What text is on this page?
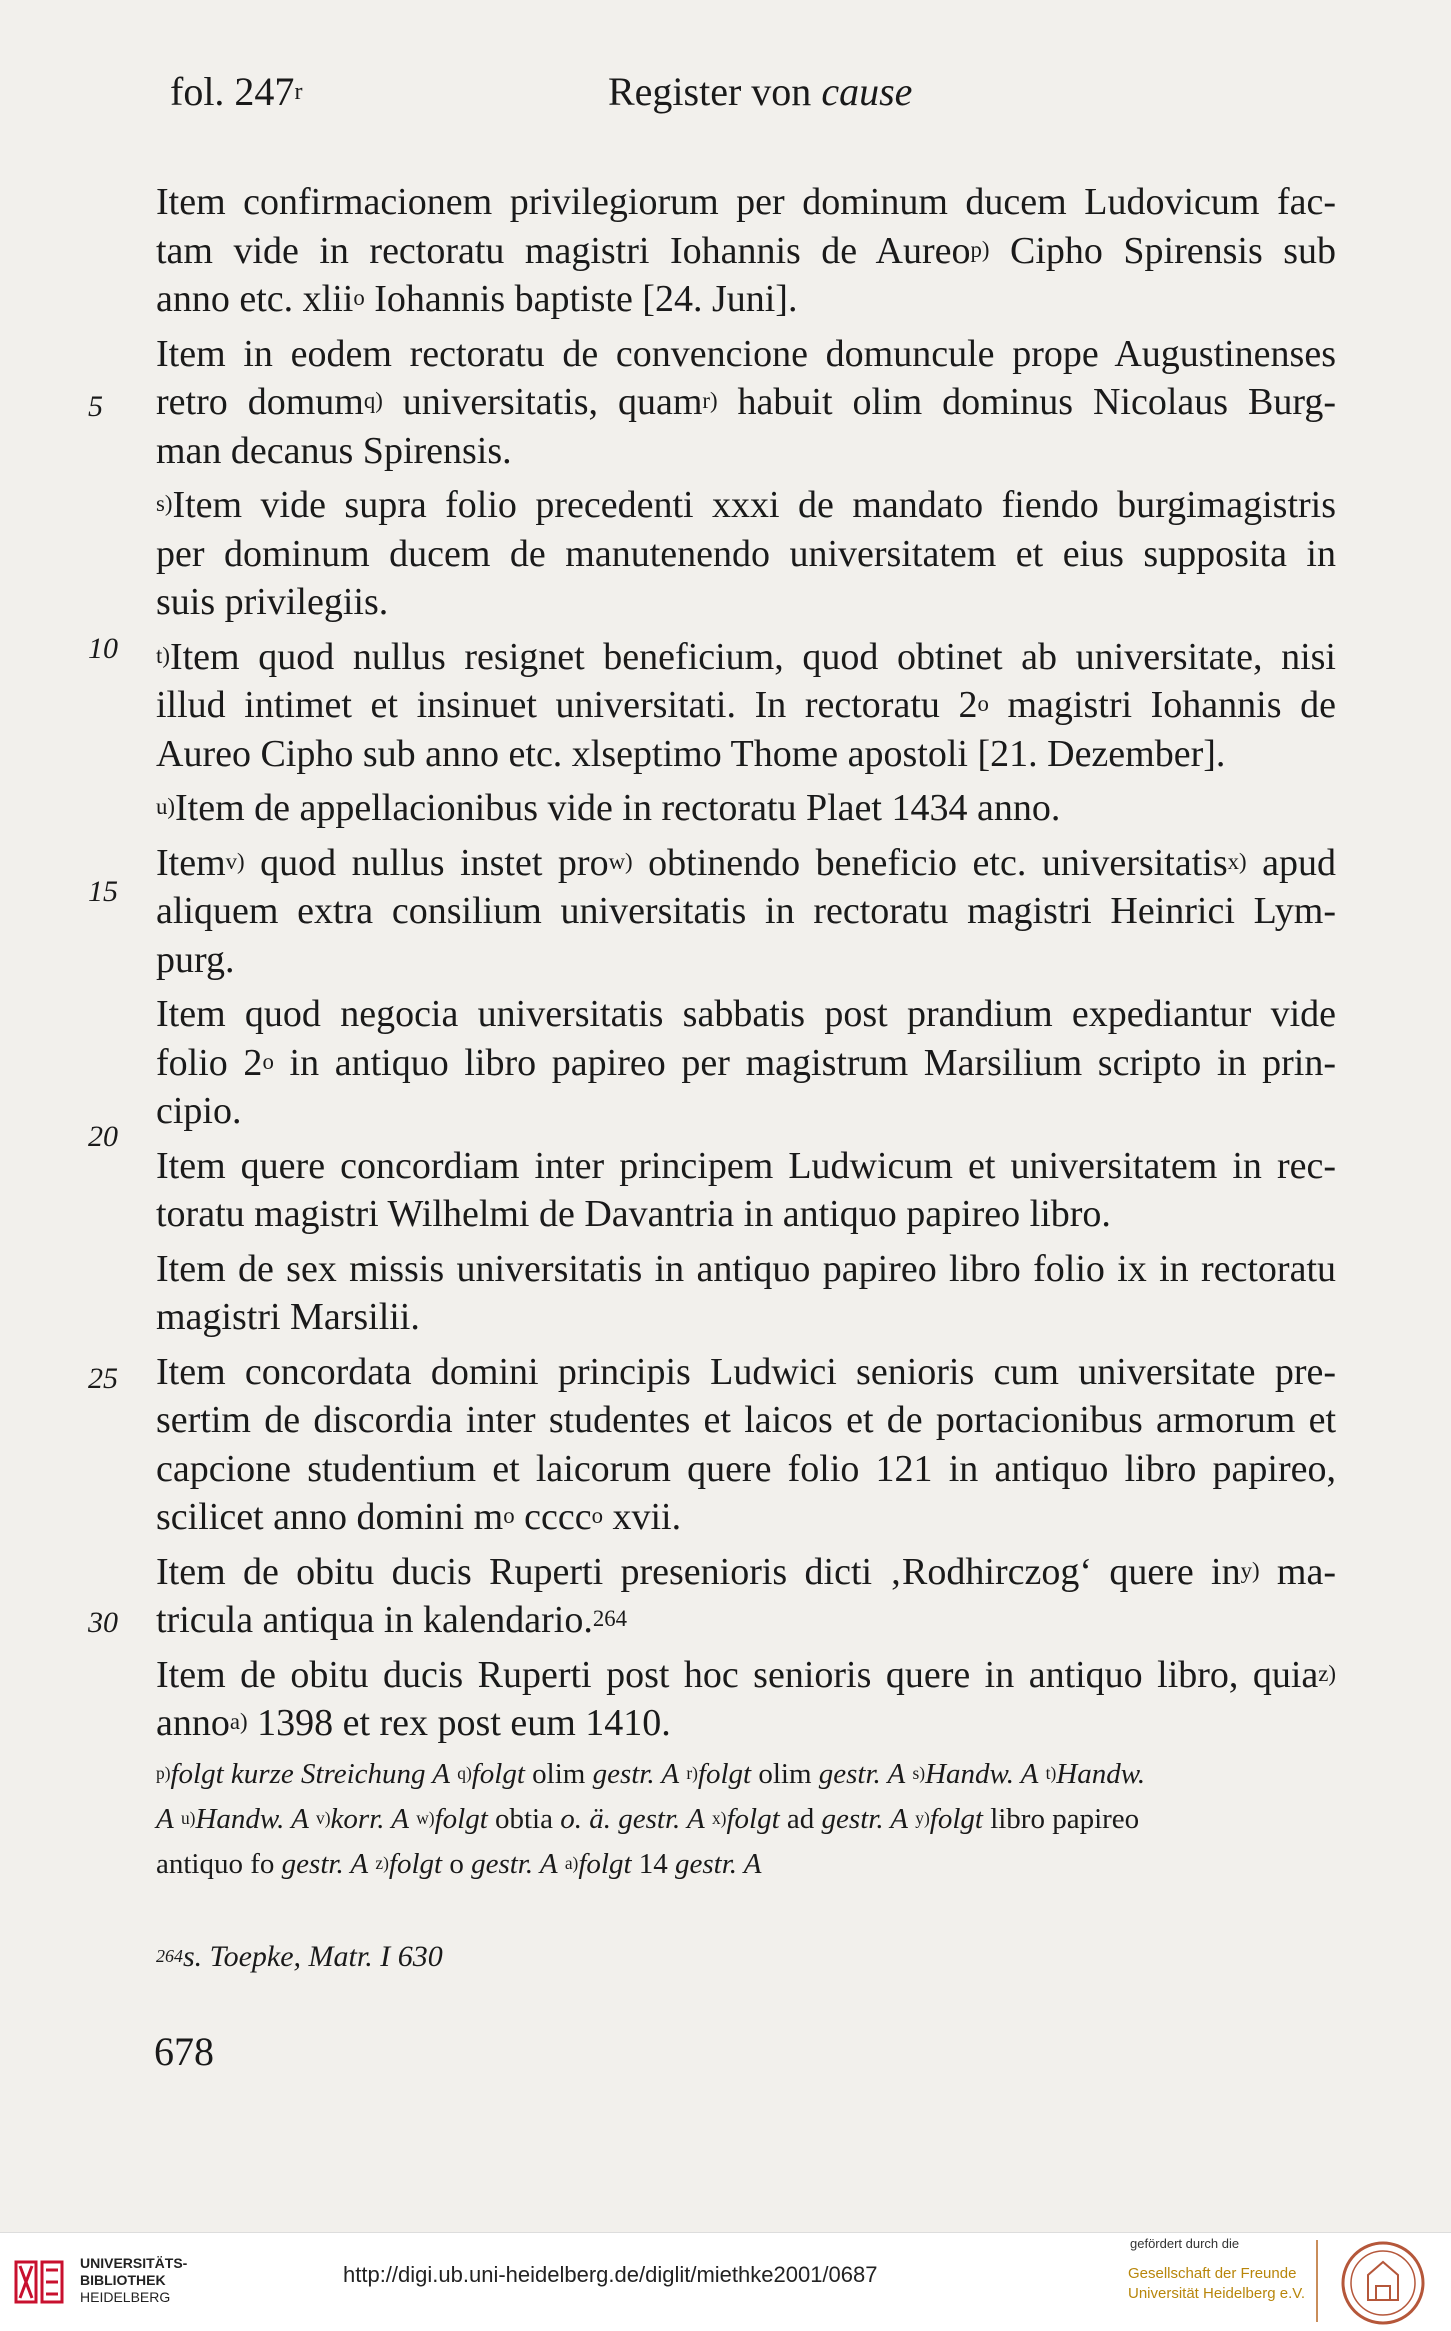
fol. 247$^r$	Register von cause
Item confirmacionem privilegiorum per dominum ducem Ludovicum fac-
tam vide in rectoratu magistri Iohannis de Aureo$^{p)}$ Cipho Spirensis sub
anno etc. xlii$^o$ Iohannis baptiste [24. Juni].
Item in eodem rectoratu de convencione domuncule prope Augustinenses
retro domum$^{q)}$ universitatis, quam$^{r)}$ habuit olim dominus Nicolaus Burg-
man decanus Spirensis.
$^{s)}$Item vide supra folio precedenti xxxi de mandato fiendo burgimagistris
per dominum ducem de manutenendo universitatem et eius supposita in
suis privilegiis.
$^{t)}$Item quod nullus resignet beneficium, quod obtinet ab universitate, nisi
illud intimet et insinuet universitati. In rectoratu 2$^o$ magistri Iohannis de
Aureo Cipho sub anno etc. xlseptimo Thome apostoli [21. Dezember].
$^{u)}$Item de appellacionibus vide in rectoratu Plaet 1434 anno.
Item$^{v)}$ quod nullus instet pro$^{w)}$ obtinendo beneficio etc. universitatis$^{x)}$ apud
aliquem extra consilium universitatis in rectoratu magistri Heinrici Lym-
purg.
Item quod negocia universitatis sabbatis post prandium expediantur vide
folio 2$^o$ in antiquo libro papireo per magistrum Marsilium scripto in prin-
cipio.
Item quere concordiam inter principem Ludwicum et universitatem in rec-
toratu magistri Wilhelmi de Davantria in antiquo papireo libro.
Item de sex missis universitatis in antiquo papireo libro folio ix in rectoratu
magistri Marsilii.
Item concordata domini principis Ludwici senioris cum universitate pre-
sertim de discordia inter studentes et laicos et de portacionibus armorum et
capcione studentium et laicorum quere folio 121 in antiquo libro papireo,
scilicet anno domini $m^o$ cccc$^o$ xvii.
Item de obitu ducis Ruperti presenioris dicti ‚Rodhirczog‘ quere $in^{y)}$ ma-
tricula antiqua in kalendario.$^{264}$
Item de obitu ducis Ruperti post hoc senioris quere in antiquo libro, quia$^{z)}$
anno$^{a)}$ 1398 et rex post eum 1410.
5
10
15
20
25
30
$^{p)}$folgt kurze Streichung A $^{q)}$folgt olim gestr. A $^{r)}$folgt olim gestr. A $^{s)}$Handw. A $^{t)}$Handw.
A $^{u)}$Handw. A $^{v)}$korr. A $^{w)}$folgt obtia o. ä. gestr. A $^{x)}$folgt ad gestr. A $^{y)}$folgt libro papireo
antiquo fo gestr. A $^{z)}$folgt o gestr. A $^{a)}$folgt 14 gestr. A
$^{264}$s. Toepke, Matr. I 630
678
UNIVERSITÄTS-
BIBLIOTHEK
HEIDELBERG
http://digi.ub.uni-heidelberg.de/diglit/miethke2001/0687
gefördert durch die
Gesellschaft der Freunde
Universität Heidelberg e.V.
